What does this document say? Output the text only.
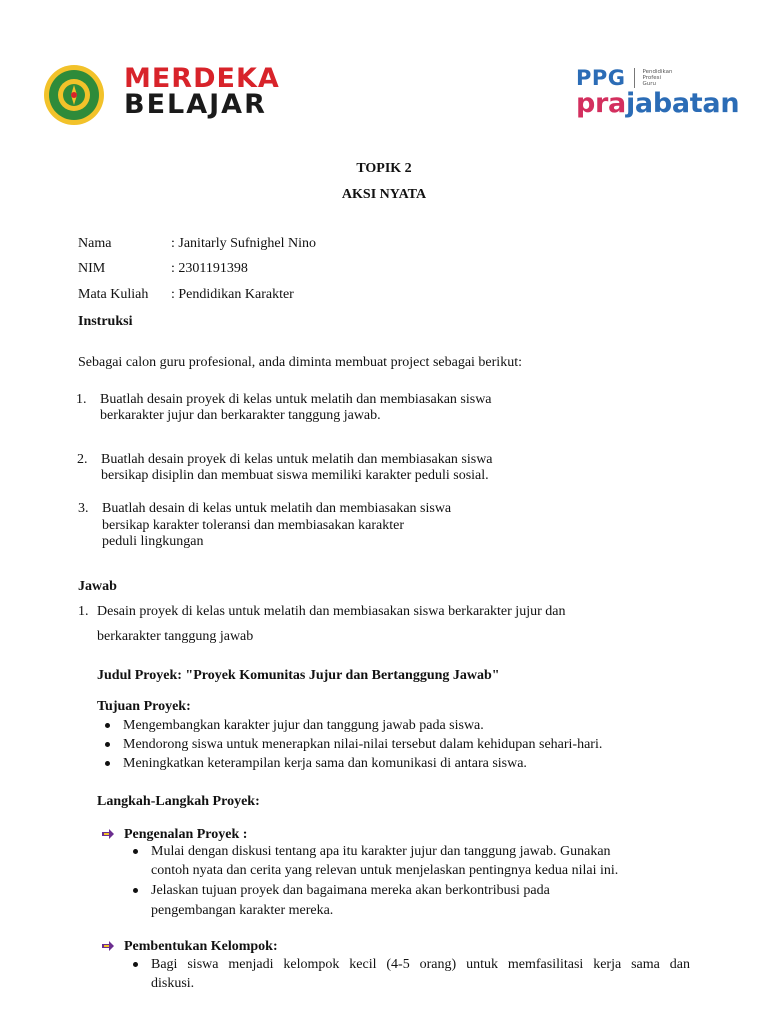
MERDEKA
BELAJAR
PPG	Pendidikan
Profesi
Guru
prajabatan
TOPIK 2
AKSI NYATA
Nama	: Janitarly Sufnighel Nino
NIM	: 2301191398
Mata Kuliah : Pendidikan Karakter
Instruksi
Sebagai calon guru profesional, anda diminta membuat project sebagai berikut:
1. Buatlah desain proyek di kelas untuk melatih dan membiasakan siswa
berkarakter jujur dan berkarakter tanggung jawab.
2. Buatlah desain proyek di kelas untuk melatih dan membiasakan siswa
bersikap disiplin dan membuat siswa memiliki karakter peduli sosial.
3. Buatlah desain di kelas untuk melatih dan membiasakan siswa
bersikap karakter toleransi dan membiasakan karakter
peduli lingkungan
Jawab
1. Desain proyek di kelas untuk melatih dan membiasakan siswa berkarakter jujur dan
berkarakter tanggung jawab
Judul Proyek: "Proyek Komunitas Jujur dan Bertanggung Jawab"
Tujuan Proyek:
Mengembangkan karakter jujur dan tanggung jawab pada siswa.
Mendorong siswa untuk menerapkan nilai-nilai tersebut dalam kehidupan sehari-hari.
Meningkatkan keterampilan kerja sama dan komunikasi di antara siswa.
Langkah-Langkah Proyek:
Pengenalan Proyek :
Mulai dengan diskusi tentang apa itu karakter jujur dan tanggung jawab. Gunakan
contoh nyata dan cerita yang relevan untuk menjelaskan pentingnya kedua nilai ini.
Jelaskan tujuan proyek dan bagaimana mereka akan berkontribusi pada
pengembangan karakter mereka.
Pembentukan Kelompok:
Bagi siswa menjadi kelompok kecil (4-5 orang) untuk memfasilitasi kerja sama dan
diskusi.
